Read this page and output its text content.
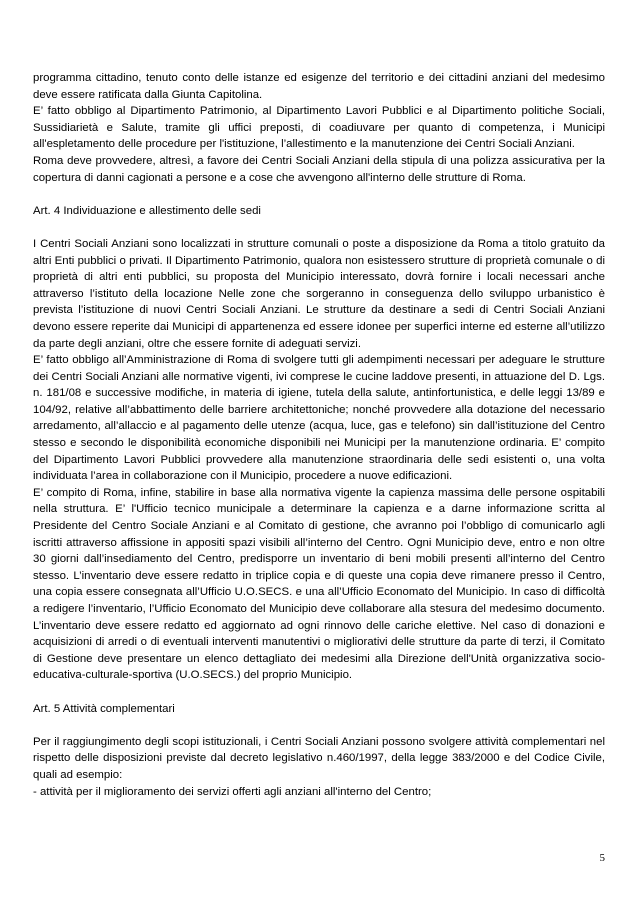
programma cittadino, tenuto conto delle istanze ed esigenze del territorio e dei cittadini anziani del medesimo deve essere ratificata dalla Giunta Capitolina.

E’ fatto obbligo al Dipartimento Patrimonio, al Dipartimento Lavori Pubblici e al Dipartimento politiche Sociali, Sussidiarietà e Salute, tramite gli uffici preposti, di coadiuvare per quanto di competenza, i Municipi all'espletamento delle procedure per l'istituzione, l’allestimento e la manutenzione dei Centri Sociali Anziani.

Roma deve provvedere, altresì, a favore dei Centri Sociali Anziani della stipula di una polizza assicurativa per la copertura di danni cagionati a persone e a cose che avvengono all'interno delle strutture di Roma.

Art. 4 Individuazione e allestimento delle sedi

I Centri Sociali Anziani sono localizzati in strutture comunali o poste a disposizione da Roma a titolo gratuito da altri Enti pubblici o privati. Il Dipartimento Patrimonio, qualora non esistessero strutture di proprietà comunale o di proprietà di altri enti pubblici, su proposta del Municipio interessato, dovrà fornire i locali necessari anche attraverso l’istituto della locazione Nelle zone che sorgeranno in conseguenza dello sviluppo urbanistico è prevista l’istituzione di nuovi Centri Sociali Anziani. Le strutture da destinare a sedi di Centri Sociali Anziani devono essere reperite dai Municipi di appartenenza ed essere idonee per superfici interne ed esterne all’utilizzo da parte degli anziani, oltre che essere fornite di adeguati servizi.

E’ fatto obbligo all’Amministrazione di Roma di svolgere tutti gli adempimenti necessari per adeguare le strutture dei Centri Sociali Anziani alle normative vigenti, ivi comprese le cucine laddove presenti, in attuazione del D. Lgs. n. 181/08 e successive modifiche, in materia di igiene, tutela della salute, antinfortunistica, e delle leggi 13/89 e 104/92, relative all’abbattimento delle barriere architettoniche; nonché provvedere alla dotazione del necessario arredamento, all’allaccio e al pagamento delle utenze (acqua, luce, gas e telefono) sin dall’istituzione del Centro stesso e secondo le disponibilità economiche disponibili nei Municipi per la manutenzione ordinaria. E’ compito del Dipartimento Lavori Pubblici provvedere alla manutenzione straordinaria delle sedi esistenti o, una volta individuata l’area in collaborazione con il Municipio, procedere a nuove edificazioni.

E’ compito di Roma, infine, stabilire in base alla normativa vigente la capienza massima delle persone ospitabili nella struttura. E’ l'Ufficio tecnico municipale a determinare la capienza e a darne informazione scritta al Presidente del Centro Sociale Anziani e al Comitato di gestione, che avranno poi l’obbligo di comunicarlo agli iscritti attraverso affissione in appositi spazi visibili all’interno del Centro. Ogni Municipio deve, entro e non oltre 30 giorni dall’insediamento del Centro, predisporre un inventario di beni mobili presenti all’interno del Centro stesso. L’inventario deve essere redatto in triplice copia e di queste una copia deve rimanere presso il Centro, una copia essere consegnata all’Ufficio U.O.SECS. e una all’Ufficio Economato del Municipio. In caso di difficoltà a redigere l’inventario, l’Ufficio Economato del Municipio deve collaborare alla stesura del medesimo documento. L’inventario deve essere redatto ed aggiornato ad ogni rinnovo delle cariche elettive. Nel caso di donazioni e acquisizioni di arredi o di eventuali interventi manutentivi o migliorativi delle strutture da parte di terzi, il Comitato di Gestione deve presentare un elenco dettagliato dei medesimi alla Direzione dell'Unità organizzativa socio-educativa-culturale-sportiva (U.O.SECS.) del proprio Municipio.

Art. 5 Attività complementari

Per il raggiungimento degli scopi istituzionali, i Centri Sociali Anziani possono svolgere attività complementari nel rispetto delle disposizioni previste dal decreto legislativo n.460/1997, della legge 383/2000 e del Codice Civile, quali ad esempio:

- attività per il miglioramento dei servizi offerti agli anziani all'interno del Centro;

5
